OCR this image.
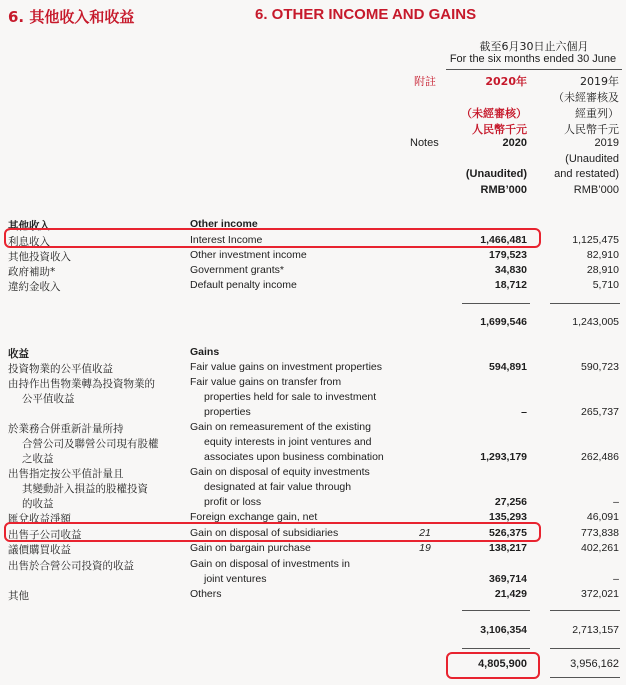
6. 其他收入和收益	6. OTHER INCOME AND GAINS
截至6月30日止六個月
For the six months ended 30 June
附註
Notes
2020年
（未經審核）
人民幣千元
2020
(Unaudited)
RMB’000
2019年
（未經審核及
經重列）
人民幣千元
2019
(Unaudited
and restated)
RMB’000
其他收入	Other income
利息收入	Interest Income	1,466,481	1,125,475
其他投資收入	Other investment income	179,523	82,910
政府補助*	Government grants*	34,830	28,910
違約金收入	Default penalty income	18,712	5,710
1,699,546	1,243,005
收益	Gains
投資物業的公平值收益	Fair value gains on investment properties	594,891	590,723
由持作出售物業轉為投資物業的
公平值收益
Fair value gains on transfer from
properties held for sale to investment
properties	–	265,737
於業務合併重新計量所持
合營公司及聯營公司現有股權
之收益
Gain on remeasurement of the existing
equity interests in joint ventures and
associates upon business combination	1,293,179	262,486
出售指定按公平值計量且
其變動計入損益的股權投資
的收益
Gain on disposal of equity investments
designated at fair value through
profit or loss	27,256	–
匯兌收益淨額	Foreign exchange gain, net	135,293	46,091
出售子公司收益	Gain on disposal of subsidiaries	21	526,375	773,838
議價購買收益	Gain on bargain purchase	19	138,217	402,261
出售於合營公司投資的收益	Gain on disposal of investments in
joint ventures	369,714	–
其他	Others	21,429	372,021
3,106,354	2,713,157
4,805,900	3,956,162
